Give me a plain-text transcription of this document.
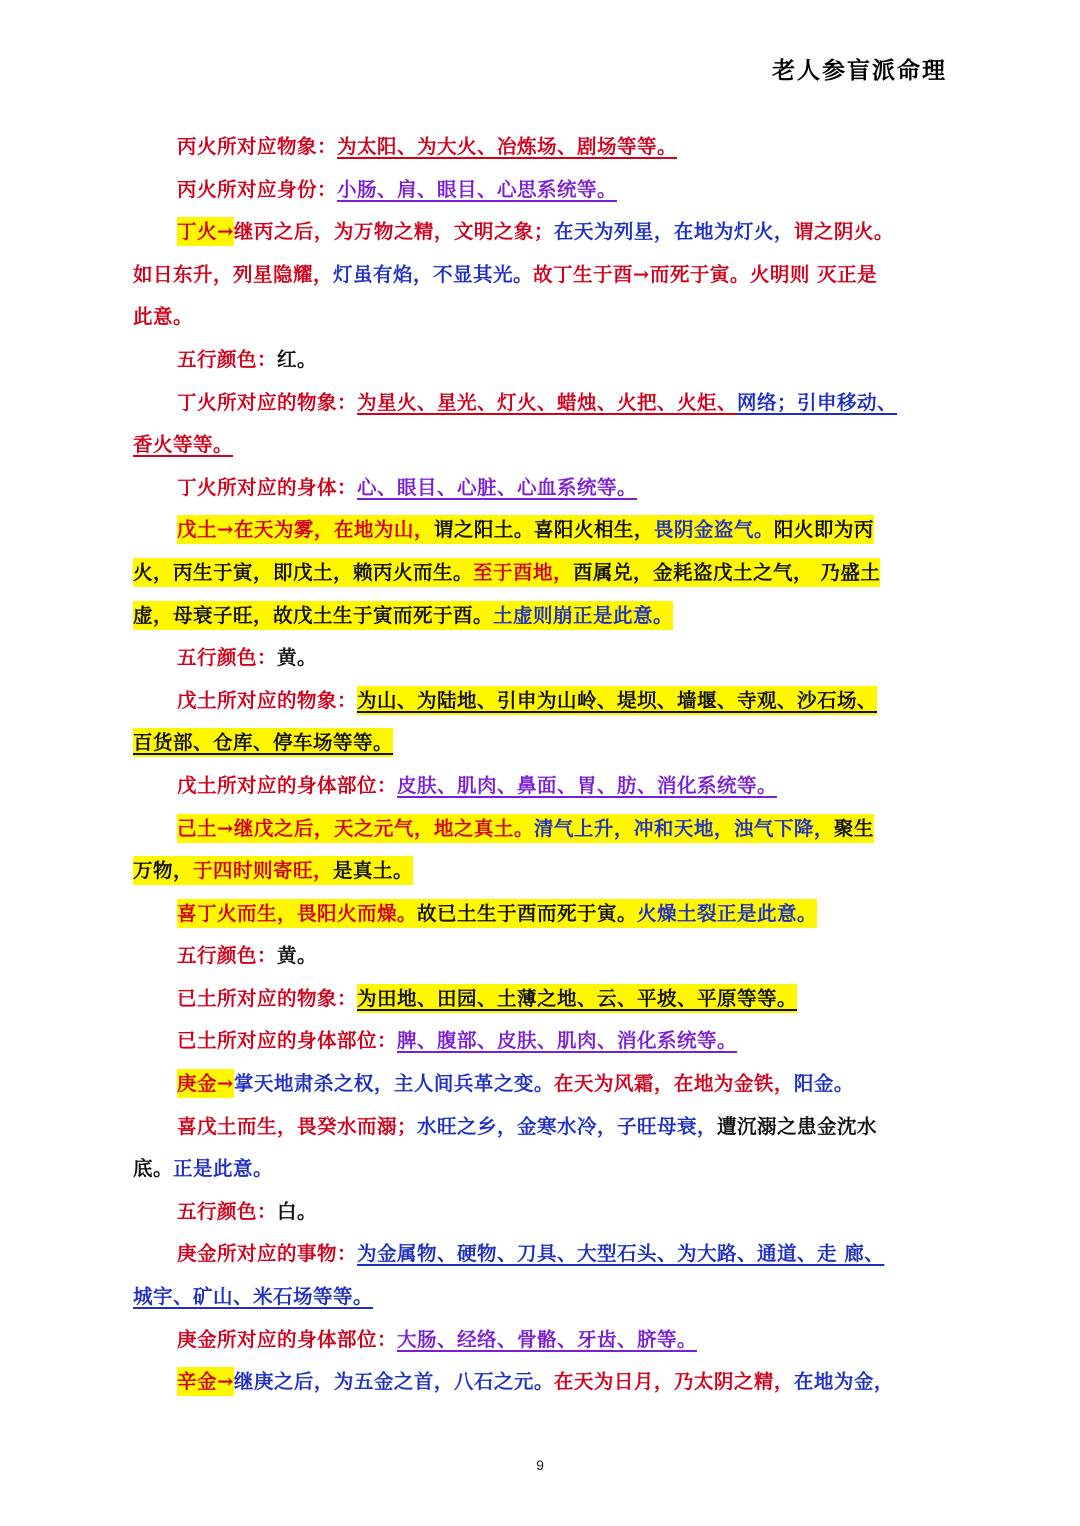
老人参盲派命理
丙火所对应物象：为太阳、为大火、冶炼场、剧场等等。
丙火所对应身份：小肠、肩、眼目、心思系统等。
丁火→继丙之后，为万物之精，文明之象；在天为列星，在地为灯火，谓之阴火。
如日东升，列星隐耀，灯虽有焰，不显其光。故丁生于酉→而死于寅。火明则 灭正是
此意。
五行颜色：红。
丁火所对应的物象：为星火、星光、灯火、蜡烛、火把、火炬、网络；引申移动、
香火等等。
丁火所对应的身体：心、眼目、心脏、心血系统等。
戊土→在天为雾，在地为山，谓之阳土。喜阳火相生，畏阴金盗气。阳火即为丙
火，丙生于寅，即戊土，赖丙火而生。至于酉地，酉属兑，金耗盗戊土之气， 乃盛土
虚，母衰子旺，故戊土生于寅而死于酉。土虚则崩正是此意。
五行颜色：黄。
戊土所对应的物象：为山、为陆地、引申为山岭、堤坝、墙堰、寺观、沙石场、
百货部、仓库、停车场等等。
戊土所对应的身体部位：皮肤、肌肉、鼻面、胃、肪、消化系统等。
己土→继戊之后，天之元气，地之真土。清气上升，冲和天地，浊气下降，聚生
万物，于四时则寄旺，是真土。
喜丁火而生，畏阳火而燥。故已土生于酉而死于寅。火燥土裂正是此意。
五行颜色：黄。
已土所对应的物象：为田地、田园、土薄之地、云、平坡、平原等等。
已土所对应的身体部位：脾、腹部、皮肤、肌肉、消化系统等。
庚金→掌天地肃杀之权，主人间兵革之变。在天为风霜，在地为金铁，阳金。
喜戊土而生，畏癸水而溺；水旺之乡，金寒水冷，子旺母衰，遭沉溺之患金沈水
底。正是此意。
五行颜色：白。
庚金所对应的事物：为金属物、硬物、刀具、大型石头、为大路、通道、走 廊、
城宇、矿山、米石场等等。
庚金所对应的身体部位：大肠、经络、骨骼、牙齿、脐等。
辛金→继庚之后，为五金之首，八石之元。在天为日月，乃太阴之精，在地为金，
9
